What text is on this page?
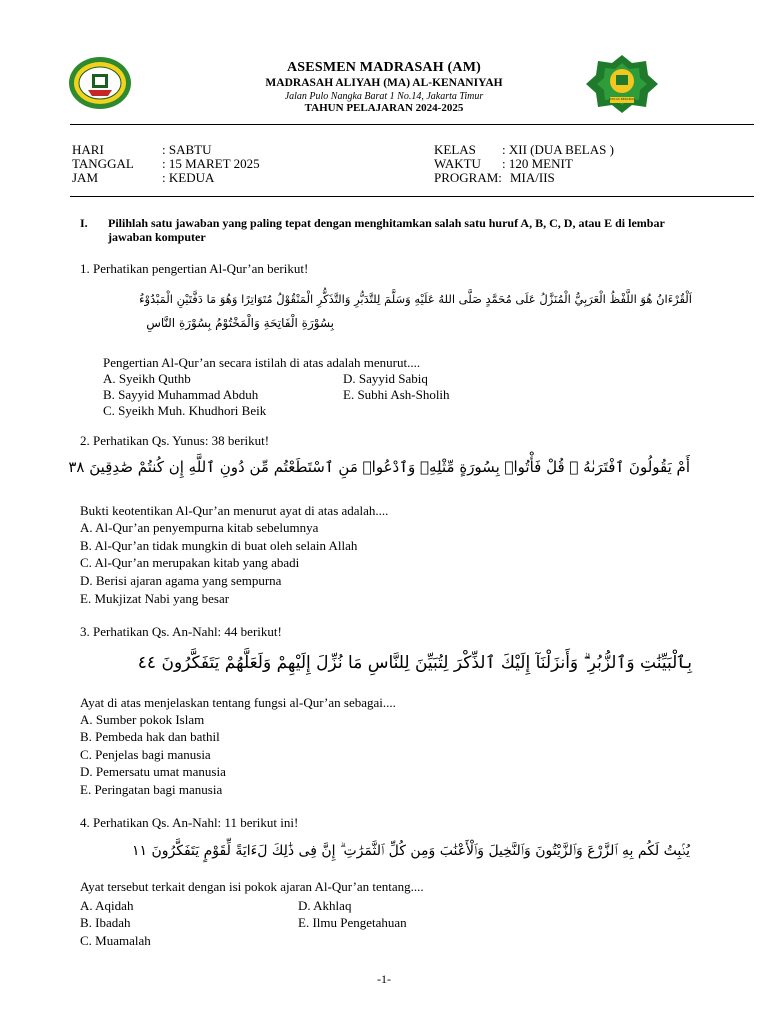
IKHLAS BERAMAL
ASESMEN MADRASAH (AM)
MADRASAH ALIYAH (MA) AL-KENANIYAH
Jalan Pulo Nangka Barat 1 No.14, Jakarta Timur
TAHUN PELAJARAN 2024-2025
HARI	: SABTU
TANGGAL : 15 MARET 2025
JAM	: KEDUA
KELAS : XII (DUA BELAS )
WAKTU : 120 MENIT
PROGRAM: MIA/IIS
I. Pilihlah satu jawaban yang paling tepat dengan menghitamkan salah satu huruf A, B, C, D, atau E di lembar jawaban komputer
1. Perhatikan pengertian Al-Qur’an berikut!
اَلْقُرْءَانُ هُوَ اللَّفْظُ الْعَرَبِيُّ الْمُنَزَّلُ عَلَى مُحَمَّدٍ صَلَّى اللهُ عَلَيْهِ وَسَلَّمَ لِلتَّدَبُّرِ وَالتَّذَكُّرِ الْمَنْقُوْلُ مُتَوَاتِرًا وَهُوَ مَا دَفَّتَيْنِ الْمَبْدُوْءُ
بِسُوْرَةِ الْفَاتِحَةِ وَالْمَخْتُوْمُ بِسُوْرَةِ النَّاسِ
Pengertian Al-Qur’an secara istilah di atas adalah menurut....
A. Syeikh Quthb
B. Sayyid Muhammad Abduh
C. Syeikh Muh. Khudhori Beik
D. Sayyid Sabiq
E. Subhi Ash-Sholih
2. Perhatikan Qs. Yunus: 38 berikut!
أَمْ يَقُولُونَ ٱفْتَرَىٰهُ ۖ قُلْ فَأْتُوا۟ بِسُورَةٍ مِّثْلِهِۦ وَٱدْعُوا۟ مَنِ ٱسْتَطَعْتُم مِّن دُونِ ٱللَّهِ إِن كُنتُمْ صَٰدِقِينَ ٣٨
Bukti keotentikan Al-Qur’an menurut ayat di atas adalah....
A. Al-Qur’an penyempurna kitab sebelumnya
B. Al-Qur’an tidak mungkin di buat oleh selain Allah
C. Al-Qur’an merupakan kitab yang abadi
D. Berisi ajaran agama yang sempurna
E. Mukjizat Nabi yang besar
3. Perhatikan Qs. An-Nahl: 44 berikut!
بِٱلْبَيِّنَٰتِ وَٱلزُّبُرِ ۗ وَأَنزَلْنَآ إِلَيْكَ ٱلذِّكْرَ لِتُبَيِّنَ لِلنَّاسِ مَا نُزِّلَ إِلَيْهِمْ وَلَعَلَّهُمْ يَتَفَكَّرُونَ ٤٤
Ayat di atas menjelaskan tentang fungsi al-Qur’an sebagai....
A. Sumber pokok Islam
B. Pembeda hak dan bathil
C. Penjelas bagi manusia
D. Pemersatu umat manusia
E. Peringatan bagi manusia
4. Perhatikan Qs. An-Nahl: 11 berikut ini!
يُنۢبِتُ لَكُم بِهِ ٱلزَّرْعَ وَٱلزَّيْتُونَ وَٱلنَّخِيلَ وَٱلْأَعْنَٰبَ وَمِن كُلِّ ٱلثَّمَرَٰتِ ۗ إِنَّ فِى ذَٰلِكَ لَءَايَةً لِّقَوْمٍ يَتَفَكَّرُونَ ١١
Ayat tersebut terkait dengan isi pokok ajaran Al-Qur’an tentang....
A. Aqidah
B. Ibadah
C. Muamalah
D. Akhlaq
E. Ilmu Pengetahuan
-1-
